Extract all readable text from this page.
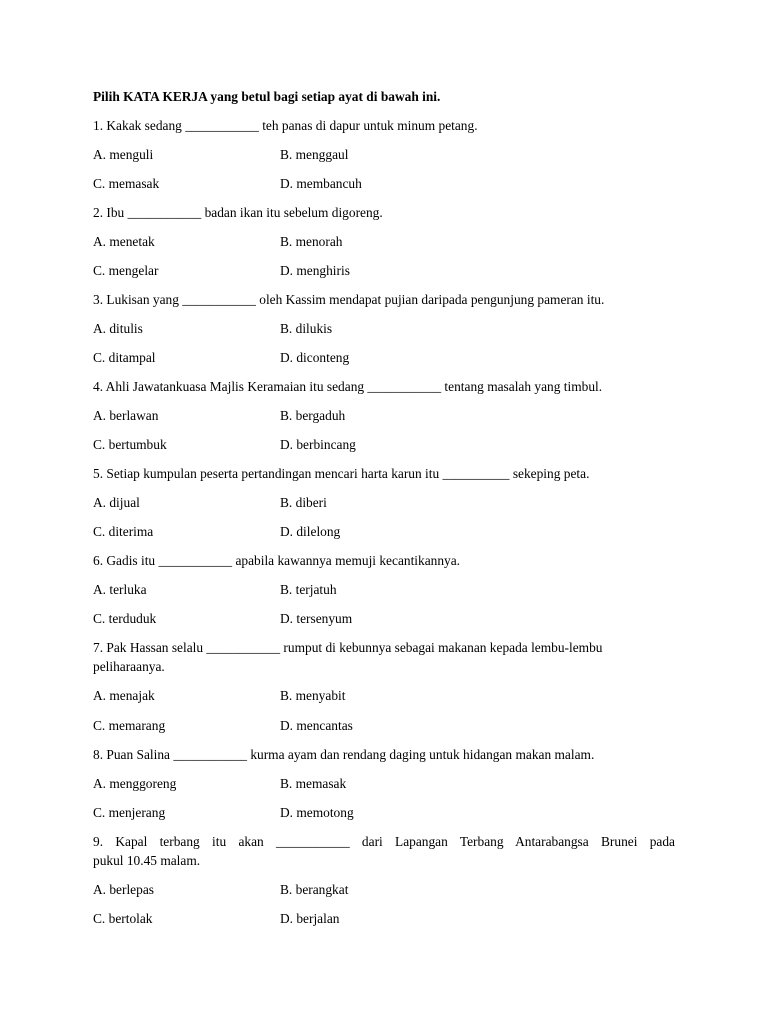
Pilih KATA KERJA yang betul bagi setiap ayat di bawah ini.
1. Kakak sedang ___________ teh panas di dapur untuk minum petang.
A. menguli	B. menggaul
C. memasak	D. membancuh
2. Ibu ___________ badan ikan itu sebelum digoreng.
A. menetak	B. menorah
C. mengelar	D. menghiris
3. Lukisan yang ___________ oleh Kassim mendapat pujian daripada pengunjung pameran itu.
A. ditulis	B. dilukis
C. ditampal	D. diconteng
4. Ahli Jawatankuasa Majlis Keramaian itu sedang ___________ tentang masalah yang timbul.
A. berlawan	B. bergaduh
C. bertumbuk	D. berbincang
5. Setiap kumpulan peserta pertandingan mencari harta karun itu __________ sekeping peta.
A. dijual	B. diberi
C. diterima	D. dilelong
6. Gadis itu ___________ apabila kawannya memuji kecantikannya.
A. terluka	B. terjatuh
C. terduduk	D. tersenyum
7. Pak Hassan selalu ___________ rumput di kebunnya sebagai makanan kepada lembu-lembu
peliharaanya.
A. menajak	B. menyabit
C. memarang	D. mencantas
8. Puan Salina ___________ kurma ayam dan rendang daging untuk hidangan makan malam.
A. menggoreng	B. memasak
C. menjerang	D. memotong
9. Kapal terbang itu akan ___________ dari Lapangan Terbang Antarabangsa Brunei pada
pukul 10.45 malam.
A. berlepas	B. berangkat
C. bertolak	D. berjalan
